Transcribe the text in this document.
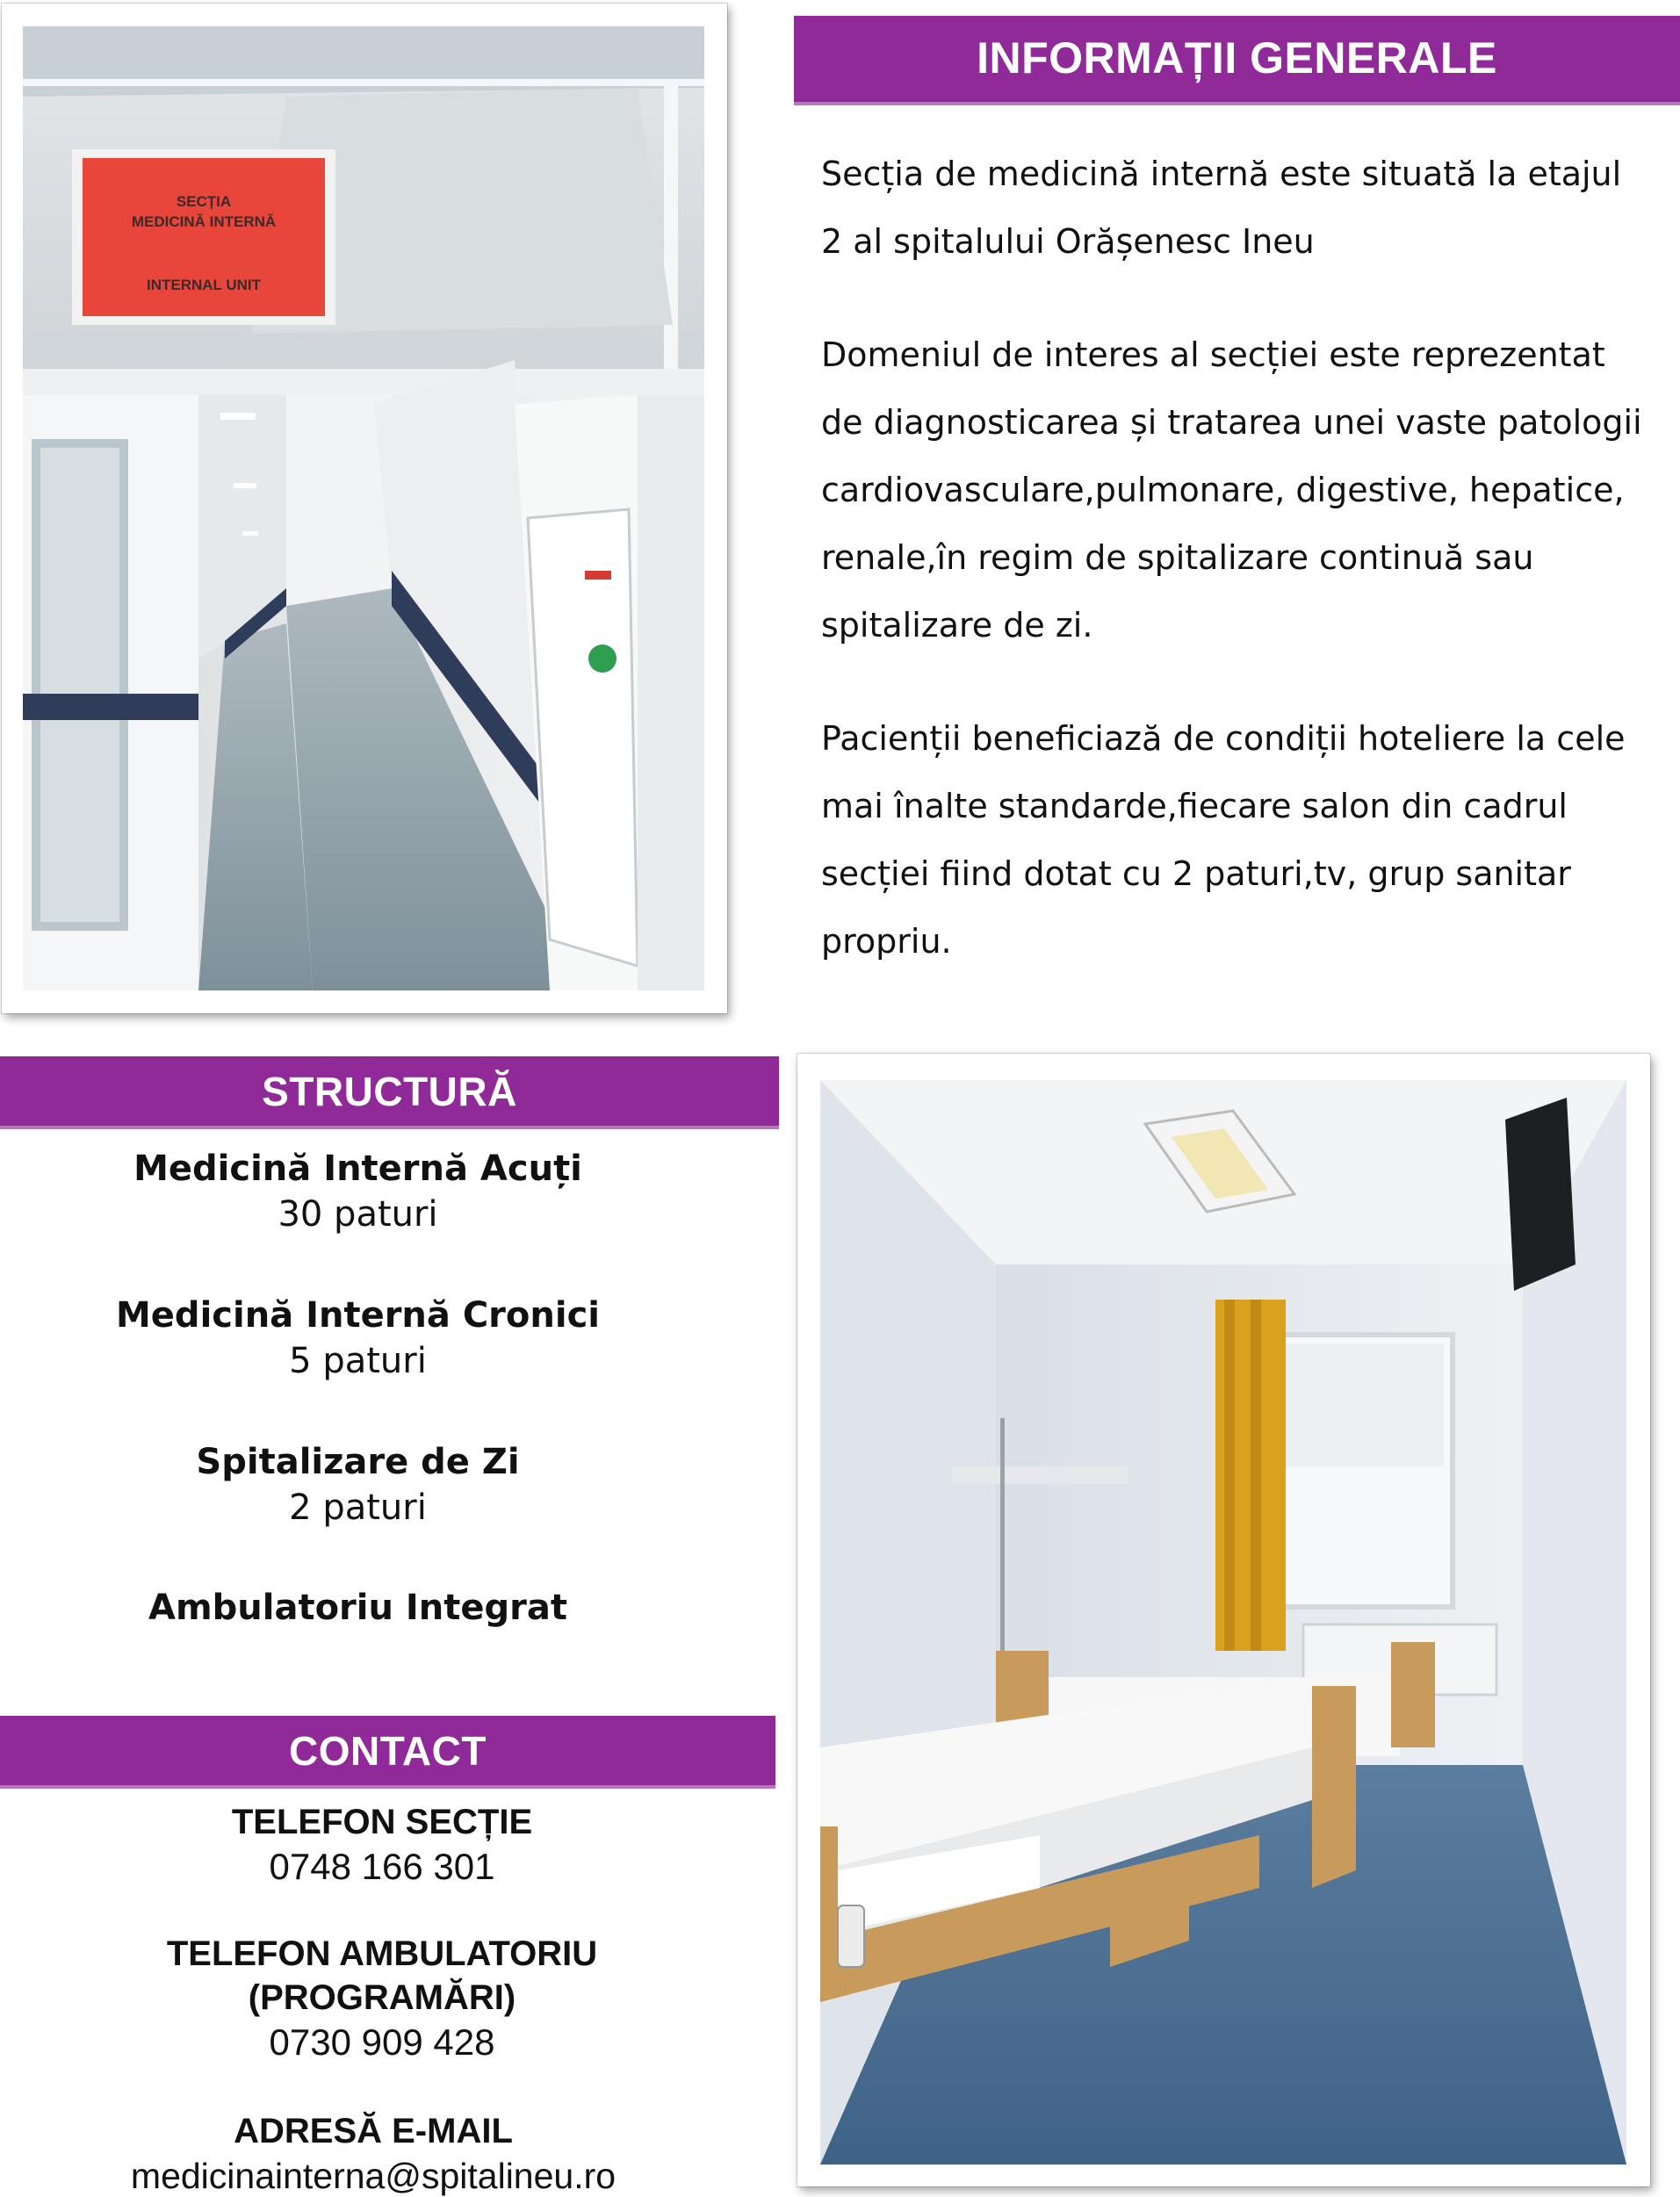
SECȚIA
MEDICINĂ INTERNĂ
INTERNAL UNIT
INFORMAȚII GENERALE

Secția de medicină internă este situată la etajul 2 al spitalului Orășenesc Ineu

Domeniul de interes al secției este reprezentat de diagnosticarea și tratarea unei vaste patologii cardiovasculare,pulmonare, digestive, hepatice, renale,în regim de spitalizare continuă sau spitalizare de zi.

Pacienții beneficiază de condiții hoteliere la cele mai înalte standarde,fiecare salon din cadrul secției fiind dotat cu 2 paturi,tv, grup sanitar propriu.

STRUCTURĂ
Medicină Internă Acuți
30 paturi
Medicină Internă Cronici
5 paturi
Spitalizare de Zi
2 paturi
Ambulatoriu Integrat
CONTACT
TELEFON SECȚIE
0748 166 301
TELEFON AMBULATORIU
(PROGRAMĂRI)
0730 909 428
ADRESĂ E-MAIL
medicinainterna@spitalineu.ro
